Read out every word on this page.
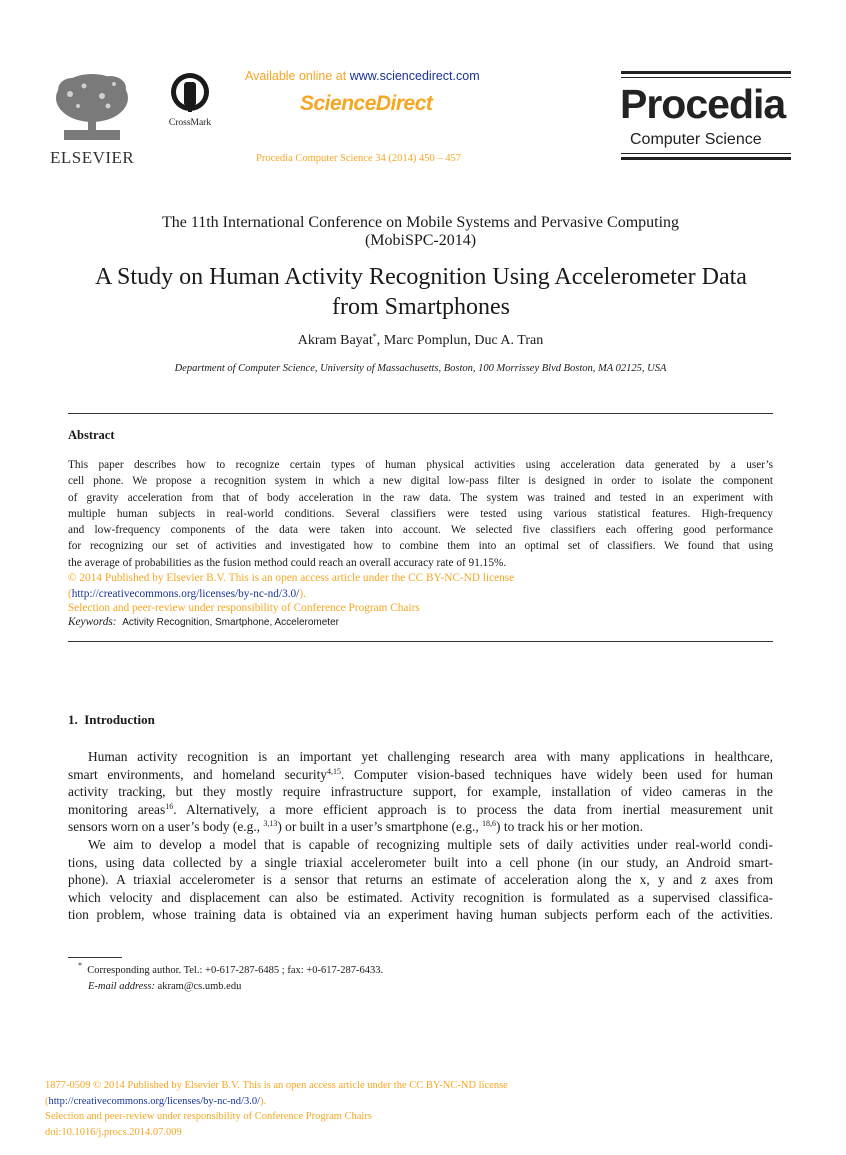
ELSEVIER
CrossMark
Available online at www.sciencedirect.com
ScienceDirect
Procedia Computer Science 34 (2014) 450 – 457
Procedia
Computer Science
The 11th International Conference on Mobile Systems and Pervasive Computing
(MobiSPC-2014)
A Study on Human Activity Recognition Using Accelerometer Data
from Smartphones
Akram Bayat*, Marc Pomplun, Duc A. Tran
Department of Computer Science, University of Massachusetts, Boston, 100 Morrissey Blvd Boston, MA 02125, USA
Abstract
This paper describes how to recognize certain types of human physical activities using acceleration data generated by a user’s
cell phone. We propose a recognition system in which a new digital low-pass filter is designed in order to isolate the component
of gravity acceleration from that of body acceleration in the raw data. The system was trained and tested in an experiment with
multiple human subjects in real-world conditions. Several classifiers were tested using various statistical features. High-frequency
and low-frequency components of the data were taken into account. We selected five classifiers each offering good performance
for recognizing our set of activities and investigated how to combine them into an optimal set of classifiers. We found that using
the average of probabilities as the fusion method could reach an overall accuracy rate of 91.15%.
© 2014 Published by Elsevier B.V. This is an open access article under the CC BY-NC-ND license
(http://creativecommons.org/licenses/by-nc-nd/3.0/).
Selection and peer-review under responsibility of Conference Program Chairs
Keywords: Activity Recognition, Smartphone, Accelerometer
1.  Introduction
Human activity recognition is an important yet challenging research area with many applications in healthcare,
smart environments, and homeland security$^{4,15}$. Computer vision-based techniques have widely been used for human
activity tracking, but they mostly require infrastructure support, for example, installation of video cameras in the
monitoring areas$^{16}$. Alternatively, a more efficient approach is to process the data from inertial measurement unit
sensors worn on a user’s body (e.g., $^{3,13}$) or built in a user’s smartphone (e.g., $^{18,6}$) to track his or her motion.
We aim to develop a model that is capable of recognizing multiple sets of daily activities under real-world condi-
tions, using data collected by a single triaxial accelerometer built into a cell phone (in our study, an Android smart-
phone). A triaxial accelerometer is a sensor that returns an estimate of acceleration along the x, y and z axes from
which velocity and displacement can also be estimated. Activity recognition is formulated as a supervised classifica-
tion problem, whose training data is obtained via an experiment having human subjects perform each of the activities.
* Corresponding author. Tel.: +0-617-287-6485 ; fax: +0-617-287-6433.
E-mail address: akram@cs.umb.edu
1877-0509 © 2014 Published by Elsevier B.V. This is an open access article under the CC BY-NC-ND license
(http://creativecommons.org/licenses/by-nc-nd/3.0/).
Selection and peer-review under responsibility of Conference Program Chairs
doi:10.1016/j.procs.2014.07.009
